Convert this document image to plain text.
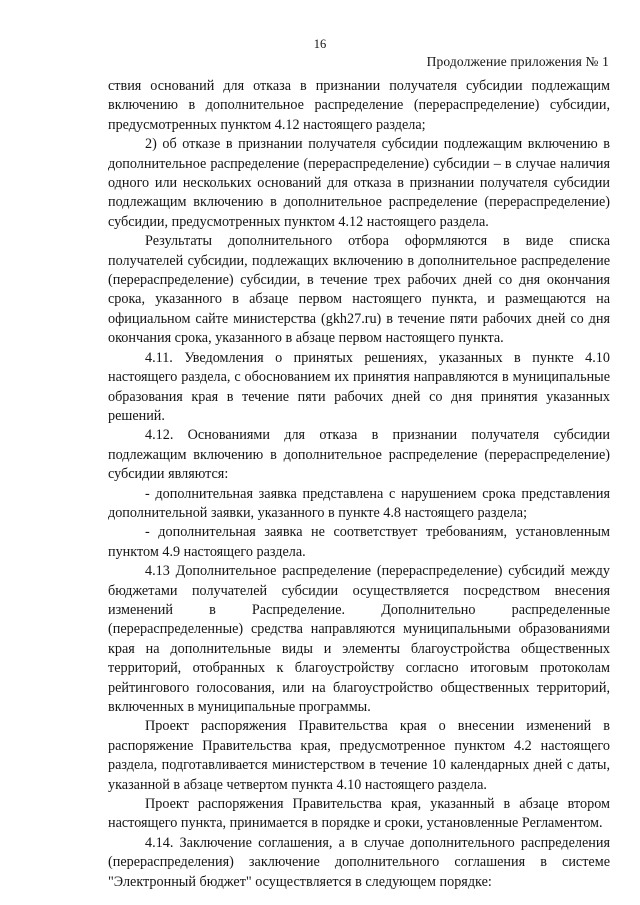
16
Продолжение приложения № 1

ствия оснований для отказа в признании получателя субсидии подлежащим включению в дополнительное распределение (перераспределение) субсидии, предусмотренных пунктом 4.12 настоящего раздела;

2) об отказе в признании получателя субсидии подлежащим включению в дополнительное распределение (перераспределение) субсидии – в случае наличия одного или нескольких оснований для отказа в признании получателя субсидии подлежащим включению в дополнительное распределение (перераспределение) субсидии, предусмотренных пунктом 4.12 настоящего раздела.

Результаты дополнительного отбора оформляются в виде списка получателей субсидии, подлежащих включению в дополнительное распределение (перераспределение) субсидии, в течение трех рабочих дней со дня окончания срока, указанного в абзаце первом настоящего пункта, и размещаются на официальном сайте министерства (gkh27.ru) в течение пяти рабочих дней со дня окончания срока, указанного в абзаце первом настоящего пункта.

4.11. Уведомления о принятых решениях, указанных в пункте 4.10 настоящего раздела, с обоснованием их принятия направляются в муниципальные образования края в течение пяти рабочих дней со дня принятия указанных решений.

4.12. Основаниями для отказа в признании получателя субсидии подлежащим включению в дополнительное распределение (перераспределение) субсидии являются:

- дополнительная заявка представлена с нарушением срока представления дополнительной заявки, указанного в пункте 4.8 настоящего раздела;

- дополнительная заявка не соответствует требованиям, установленным пунктом 4.9 настоящего раздела.

4.13 Дополнительное распределение (перераспределение) субсидий между бюджетами получателей субсидии осуществляется посредством внесения изменений в Распределение. Дополнительно распределенные (перераспределенные) средства направляются муниципальными образованиями края на дополнительные виды и элементы благоустройства общественных территорий, отобранных к благоустройству согласно итоговым протоколам рейтингового голосования, или на благоустройство общественных территорий, включенных в муниципальные программы.

Проект распоряжения Правительства края о внесении изменений в распоряжение Правительства края, предусмотренное пунктом 4.2 настоящего раздела, подготавливается министерством в течение 10 календарных дней с даты, указанной в абзаце четвертом пункта 4.10 настоящего раздела.

Проект распоряжения Правительства края, указанный в абзаце втором настоящего пункта, принимается в порядке и сроки, установленные Регламентом.

4.14. Заключение соглашения, а в случае дополнительного распределения (перераспределения) заключение дополнительного соглашения в системе "Электронный бюджет" осуществляется в следующем порядке:
